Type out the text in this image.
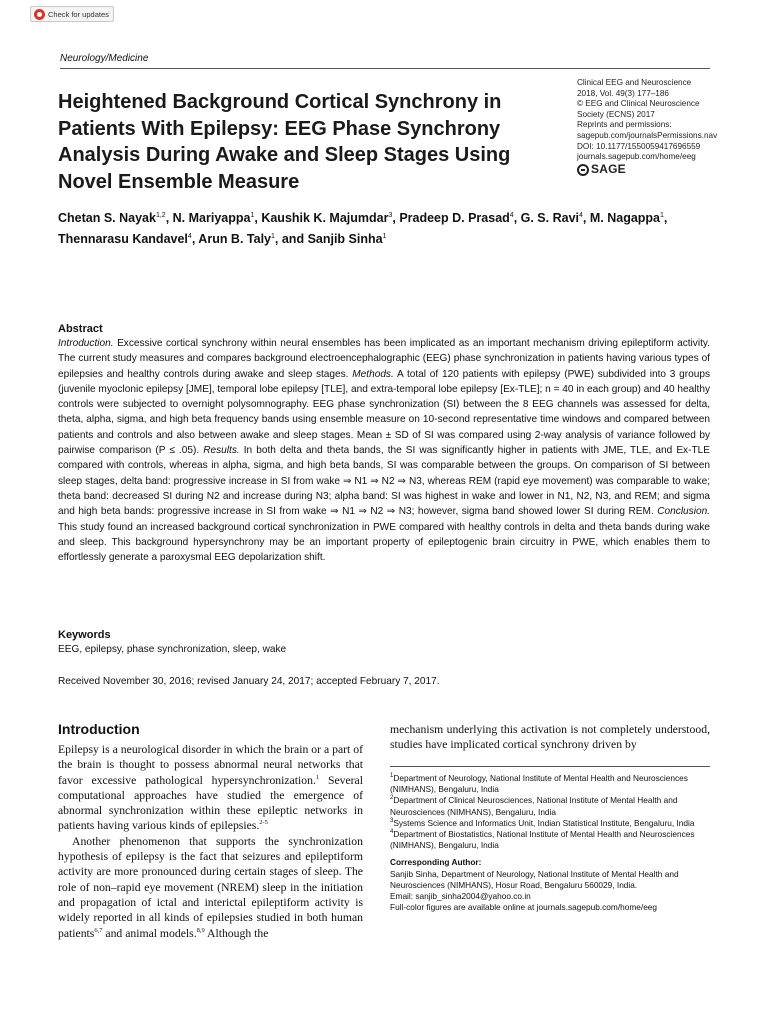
Check for updates
Neurology/Medicine
Heightened Background Cortical Synchrony in Patients With Epilepsy: EEG Phase Synchrony Analysis During Awake and Sleep Stages Using Novel Ensemble Measure
Clinical EEG and Neuroscience
2018, Vol. 49(3) 177–186
© EEG and Clinical Neuroscience
Society (ECNS) 2017
Reprints and permissions:
sagepub.com/journalsPermissions.nav
DOI: 10.1177/1550059417696559
journals.sagepub.com/home/eeg
SAGE
Chetan S. Nayak$^{1,2}$, N. Mariyappa$^1$, Kaushik K. Majumdar$^3$, Pradeep D. Prasad$^4$, G. S. Ravi$^4$, M. Nagappa$^1$, Thennarasu Kandavel$^4$, Arun B. Taly$^1$, and Sanjib Sinha$^1$
Abstract
Introduction. Excessive cortical synchrony within neural ensembles has been implicated as an important mechanism driving epileptiform activity. The current study measures and compares background electroencephalographic (EEG) phase synchronization in patients having various types of epilepsies and healthy controls during awake and sleep stages. Methods. A total of 120 patients with epilepsy (PWE) subdivided into 3 groups (juvenile myoclonic epilepsy [JME], temporal lobe epilepsy [TLE], and extra-temporal lobe epilepsy [Ex-TLE]; n = 40 in each group) and 40 healthy controls were subjected to overnight polysomnography. EEG phase synchronization (SI) between the 8 EEG channels was assessed for delta, theta, alpha, sigma, and high beta frequency bands using ensemble measure on 10-second representative time windows and compared between patients and controls and also between awake and sleep stages. Mean ± SD of SI was compared using 2-way analysis of variance followed by pairwise comparison (P ≤ .05). Results. In both delta and theta bands, the SI was significantly higher in patients with JME, TLE, and Ex-TLE compared with controls, whereas in alpha, sigma, and high beta bands, SI was comparable between the groups. On comparison of SI between sleep stages, delta band: progressive increase in SI from wake ⇒ N1 ⇒ N2 ⇒ N3, whereas REM (rapid eye movement) was comparable to wake; theta band: decreased SI during N2 and increase during N3; alpha band: SI was highest in wake and lower in N1, N2, N3, and REM; and sigma and high beta bands: progressive increase in SI from wake ⇒ N1 ⇒ N2 ⇒ N3; however, sigma band showed lower SI during REM. Conclusion. This study found an increased background cortical synchronization in PWE compared with healthy controls in delta and theta bands during wake and sleep. This background hypersynchrony may be an important property of epileptogenic brain circuitry in PWE, which enables them to effortlessly generate a paroxysmal EEG depolarization shift.
Keywords
EEG, epilepsy, phase synchronization, sleep, wake
Received November 30, 2016; revised January 24, 2017; accepted February 7, 2017.
Introduction

Epilepsy is a neurological disorder in which the brain or a part of the brain is thought to possess abnormal neural networks that favor excessive pathological hypersynchronization.$^1$ Several computational approaches have studied the emergence of abnormal synchronization within these epileptic networks in patients having various kinds of epilepsies.$^{2-5}$

Another phenomenon that supports the synchronization hypothesis of epilepsy is the fact that seizures and epileptiform activity are more pronounced during certain stages of sleep. The role of non–rapid eye movement (NREM) sleep in the initiation and propagation of ictal and interictal epileptiform activity is widely reported in all kinds of epilepsies studied in both human patients$^{6,7}$ and animal models.$^{8,9}$ Although the

mechanism underlying this activation is not completely understood, studies have implicated cortical synchrony driven by
$^1$Department of Neurology, National Institute of Mental Health and Neurosciences (NIMHANS), Bengaluru, India
$^2$Department of Clinical Neurosciences, National Institute of Mental Health and Neurosciences (NIMHANS), Bengaluru, India
$^3$Systems Science and Informatics Unit, Indian Statistical Institute, Bengaluru, India
$^4$Department of Biostatistics, National Institute of Mental Health and Neurosciences (NIMHANS), Bengaluru, India
Corresponding Author:
Sanjib Sinha, Department of Neurology, National Institute of Mental Health and Neurosciences (NIMHANS), Hosur Road, Bengaluru 560029, India.
Email: sanjib_sinha2004@yahoo.co.in
Full-color figures are available online at journals.sagepub.com/home/eeg
